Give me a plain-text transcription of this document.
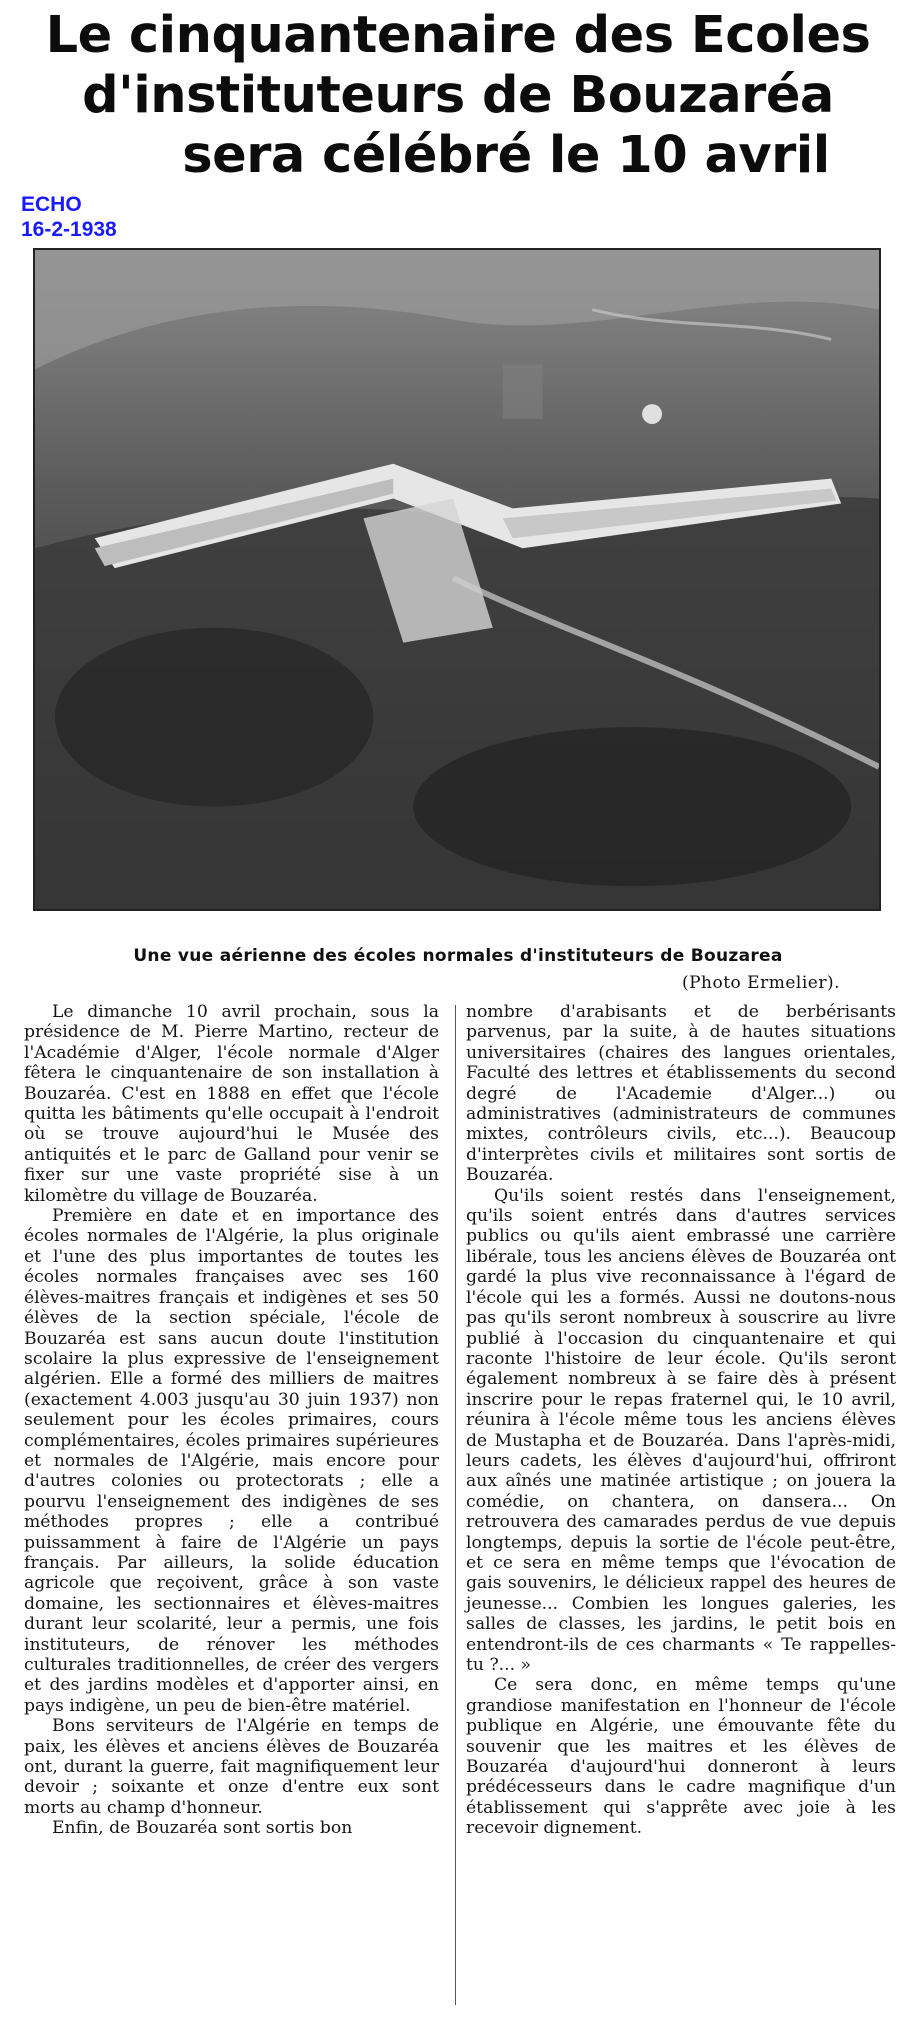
Le cinquantenaire des Ecoles
d'instituteurs de Bouzaréa
sera célébré le 10 avril
ECHO
16-2-1938
Une vue aérienne des écoles normales d'instituteurs de Bouzarea
(Photo Ermelier).

Le dimanche 10 avril prochain, sous la présidence de M. Pierre Martino, recteur de l'Académie d'Alger, l'école normale d'Alger fêtera le cinquantenaire de son installation à Bouzaréa. C'est en 1888 en effet que l'école quitta les bâtiments qu'elle occupait à l'endroit où se trouve aujourd'hui le Musée des antiquités et le parc de Galland pour venir se fixer sur une vaste propriété sise à un kilomètre du village de Bouzaréa.

Première en date et en importance des écoles normales de l'Algérie, la plus originale et l'une des plus importantes de toutes les écoles normales françaises avec ses 160 élèves-maitres français et indigènes et ses 50 élèves de la section spéciale, l'école de Bouzaréa est sans aucun doute l'institution scolaire la plus expressive de l'enseignement algérien. Elle a formé des milliers de maitres (exactement 4.003 jusqu'au 30 juin 1937) non seulement pour les écoles primaires, cours complémentaires, écoles primaires supérieures et normales de l'Algérie, mais encore pour d'autres colonies ou protectorats ; elle a pourvu l'enseignement des indigènes de ses méthodes propres ; elle a contribué puissamment à faire de l'Algérie un pays français. Par ailleurs, la solide éducation agricole que reçoivent, grâce à son vaste domaine, les sectionnaires et élèves-maitres durant leur scolarité, leur a permis, une fois instituteurs, de rénover les méthodes culturales traditionnelles, de créer des vergers et des jardins modèles et d'apporter ainsi, en pays indigène, un peu de bien-être matériel.

Bons serviteurs de l'Algérie en temps de paix, les élèves et anciens élèves de Bouzaréa ont, durant la guerre, fait magnifiquement leur devoir ; soixante et onze d'entre eux sont morts au champ d'honneur.

Enfin, de Bouzaréa sont sortis bon

nombre d'arabisants et de berbérisants parvenus, par la suite, à de hautes situations universitaires (chaires des langues orientales, Faculté des lettres et établissements du second degré de l'Academie d'Alger...) ou administratives (administrateurs de communes mixtes, contrôleurs civils, etc...). Beaucoup d'interprètes civils et militaires sont sortis de Bouzaréa.

Qu'ils soient restés dans l'enseignement, qu'ils soient entrés dans d'autres services publics ou qu'ils aient embrassé une carrière libérale, tous les anciens élèves de Bouzaréa ont gardé la plus vive reconnaissance à l'égard de l'école qui les a formés. Aussi ne doutons-nous pas qu'ils seront nombreux à souscrire au livre publié à l'occasion du cinquantenaire et qui raconte l'histoire de leur école. Qu'ils seront également nombreux à se faire dès à présent inscrire pour le repas fraternel qui, le 10 avril, réunira à l'école même tous les anciens élèves de Mustapha et de Bouzaréa. Dans l'après-midi, leurs cadets, les élèves d'aujourd'hui, offriront aux aînés une matinée artistique ; on jouera la comédie, on chantera, on dansera... On retrouvera des camarades perdus de vue depuis longtemps, depuis la sortie de l'école peut-être, et ce sera en même temps que l'évocation de gais souvenirs, le délicieux rappel des heures de jeunesse... Combien les longues galeries, les salles de classes, les jardins, le petit bois en entendront-ils de ces charmants « Te rappelles-tu ?... »

Ce sera donc, en même temps qu'une grandiose manifestation en l'honneur de l'école publique en Algérie, une émouvante fête du souvenir que les maitres et les élèves de Bouzaréa d'aujourd'hui donneront à leurs prédécesseurs dans le cadre magnifique d'un établissement qui s'apprête avec joie à les recevoir dignement.
